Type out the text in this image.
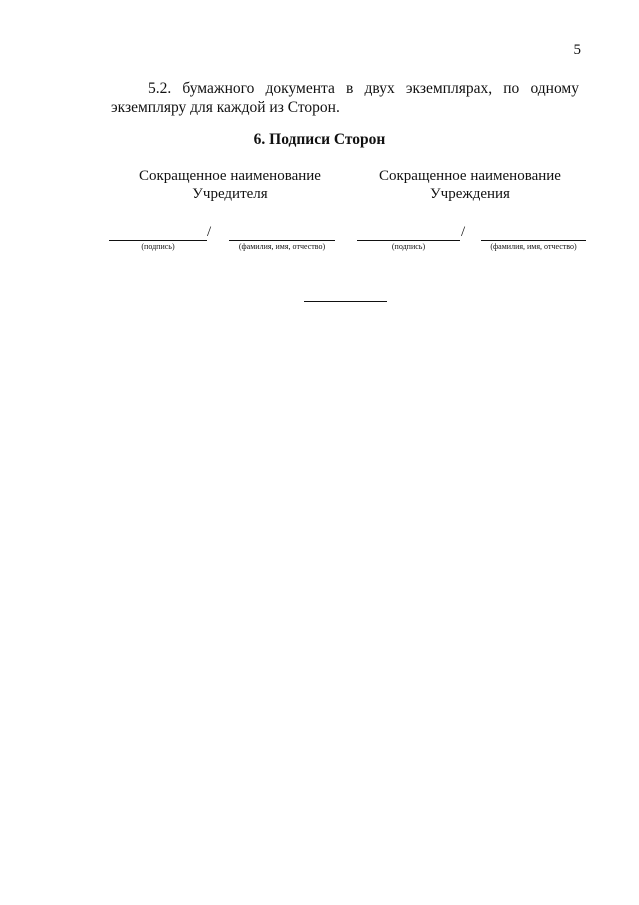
5
5.2. бумажного документа в двух экземплярах, по одному
экземпляру для каждой из Сторон.
6. Подписи Сторон
Сокращенное наименование
Учредителя
Сокращенное наименование
Учреждения
/
(подпись)	(фамилия, имя, отчество)
/
(подпись)	(фамилия, имя, отчество)
